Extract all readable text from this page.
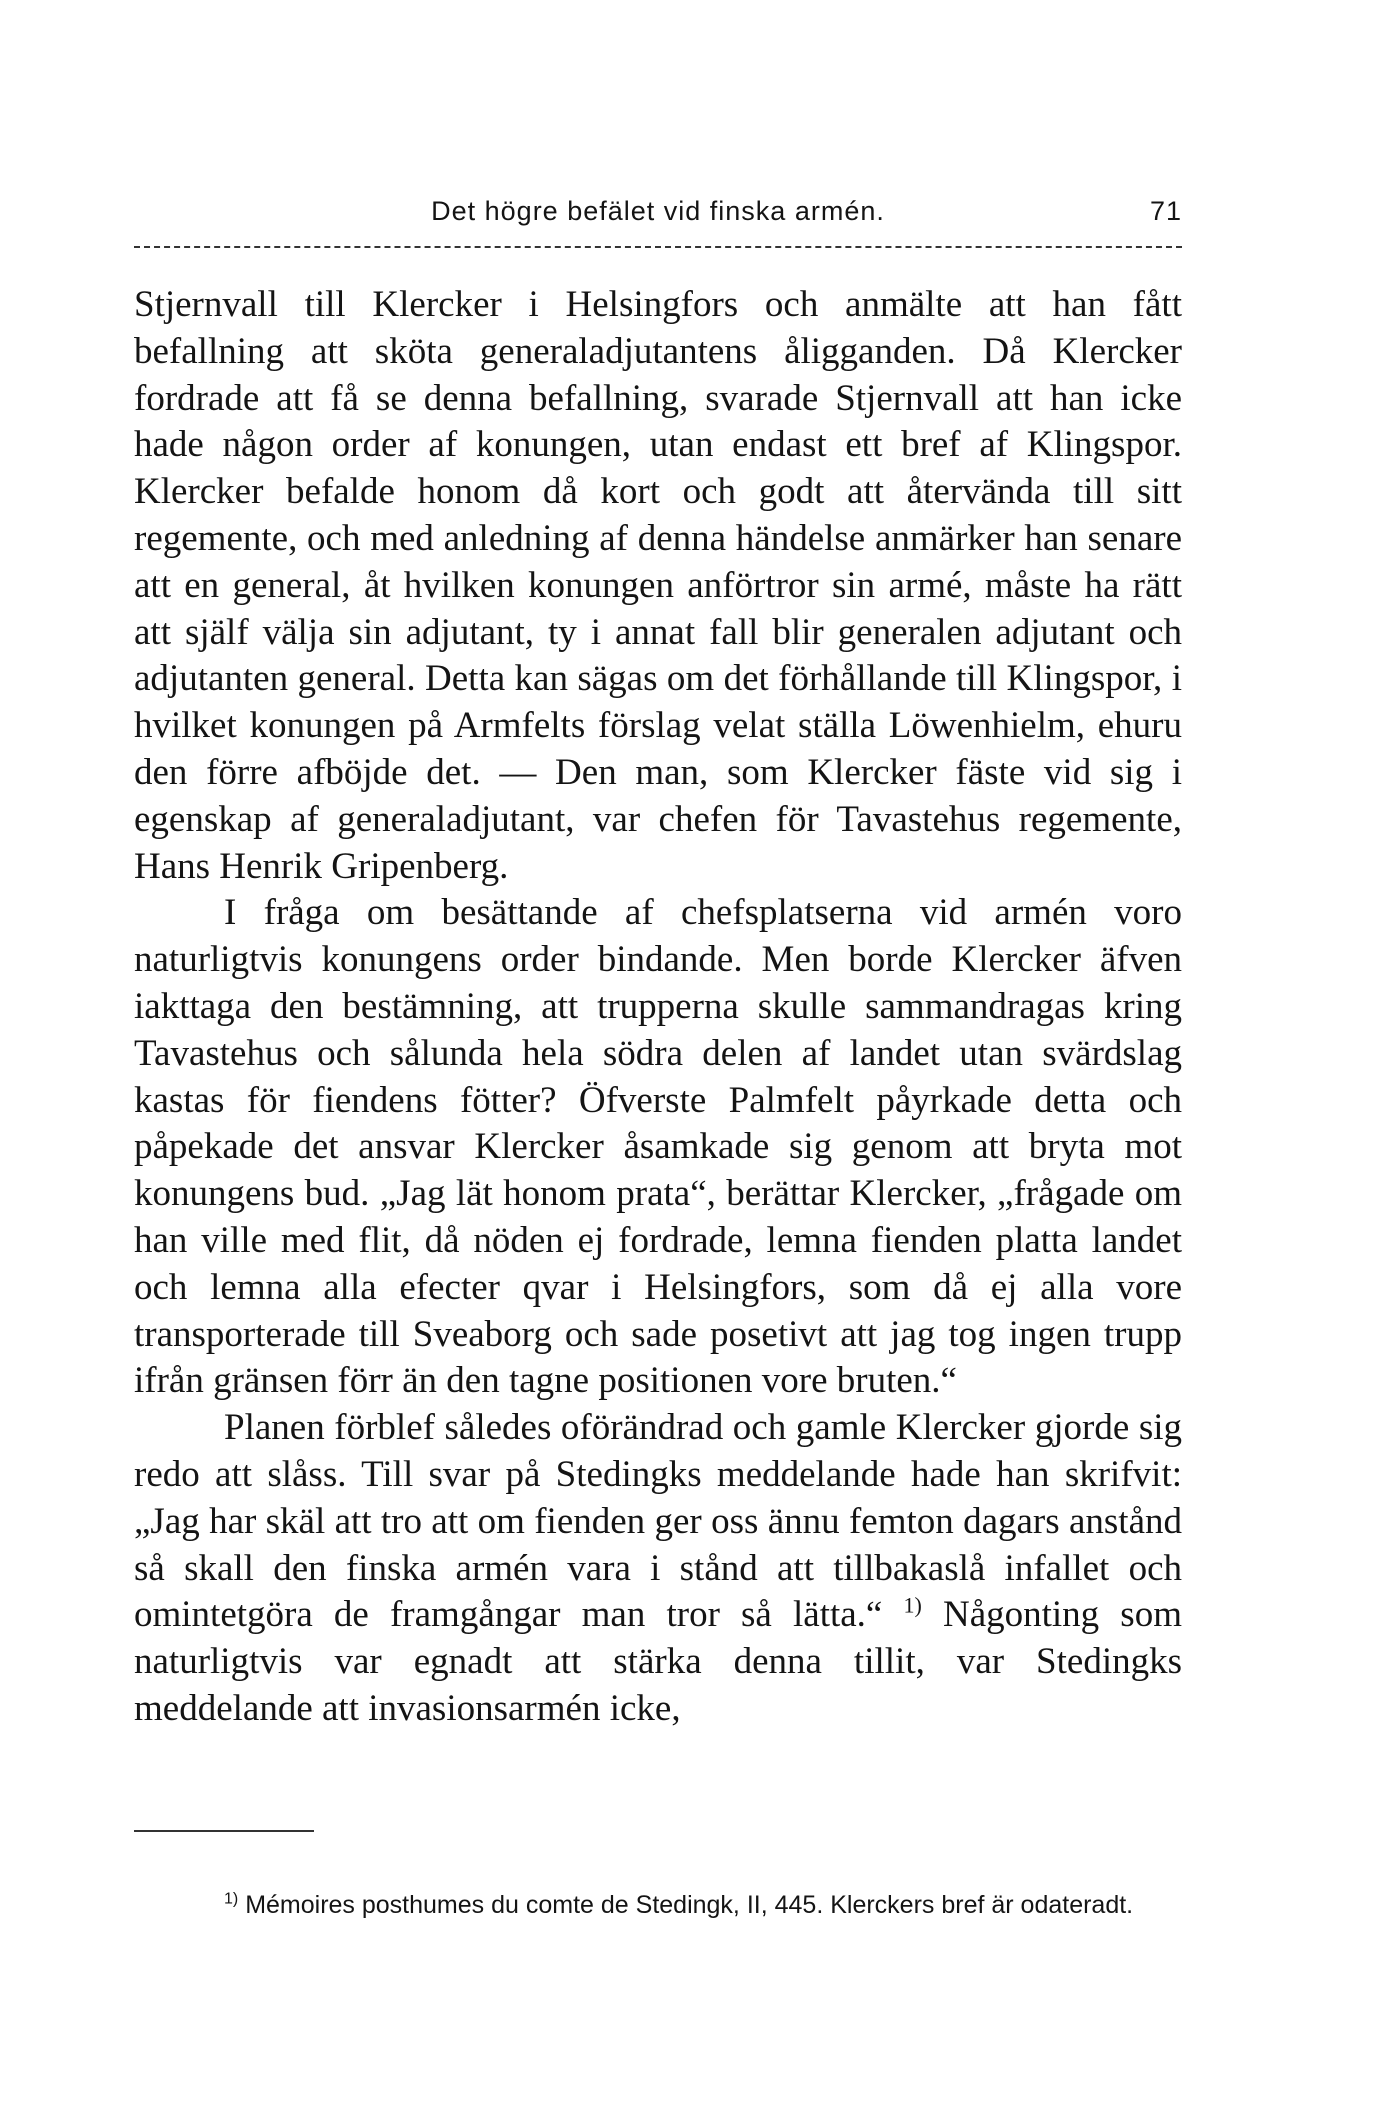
Det högre befälet vid finska armén.	71

Stjernvall till Klercker i Helsingfors och anmälte att han fått befallning att sköta generaladjutantens åligganden. Då Klercker fordrade att få se denna befallning, svarade Stjernvall att han icke hade någon order af konungen, utan endast ett bref af Klingspor. Klercker befalde honom då kort och godt att återvända till sitt regemente, och med anledning af denna händelse anmärker han senare att en general, åt hvilken konungen anförtror sin armé, måste ha rätt att själf välja sin adjutant, ty i annat fall blir generalen adjutant och adjutanten general. Detta kan sägas om det förhållande till Klingspor, i hvilket konungen på Armfelts förslag velat ställa Löwenhielm, ehuru den förre afböjde det. — Den man, som Klercker fäste vid sig i egenskap af generaladjutant, var chefen för Tavastehus regemente, Hans Henrik Gripenberg.

I fråga om besättande af chefsplatserna vid armén voro naturligtvis konungens order bindande. Men borde Klercker äfven iakttaga den bestämning, att trupperna skulle sammandragas kring Tavastehus och sålunda hela södra delen af landet utan svärdslag kastas för fiendens fötter? Öfverste Palmfelt påyrkade detta och påpekade det ansvar Klercker åsamkade sig genom att bryta mot konungens bud. „Jag lät honom prata“, berättar Klercker, „frågade om han ville med flit, då nöden ej fordrade, lemna fienden platta landet och lemna alla efecter qvar i Helsingfors, som då ej alla vore transporterade till Sveaborg och sade posetivt att jag tog ingen trupp ifrån gränsen förr än den tagne positionen vore bruten.“

Planen förblef således oförändrad och gamle Klercker gjorde sig redo att slåss. Till svar på Stedingks meddelande hade han skrifvit: „Jag har skäl att tro att om fienden ger oss ännu femton dagars anstånd så skall den finska armén vara i stånd att tillbakaslå infallet och omintetgöra de framgångar man tror så lätta.“ $^{1)}$ Någonting som naturligtvis var egnadt att stärka denna tillit, var Stedingks meddelande att invasionsarmén icke,

$^{1)}$ Mémoires posthumes du comte de Stedingk, II, 445. Klerckers bref är odateradt.
